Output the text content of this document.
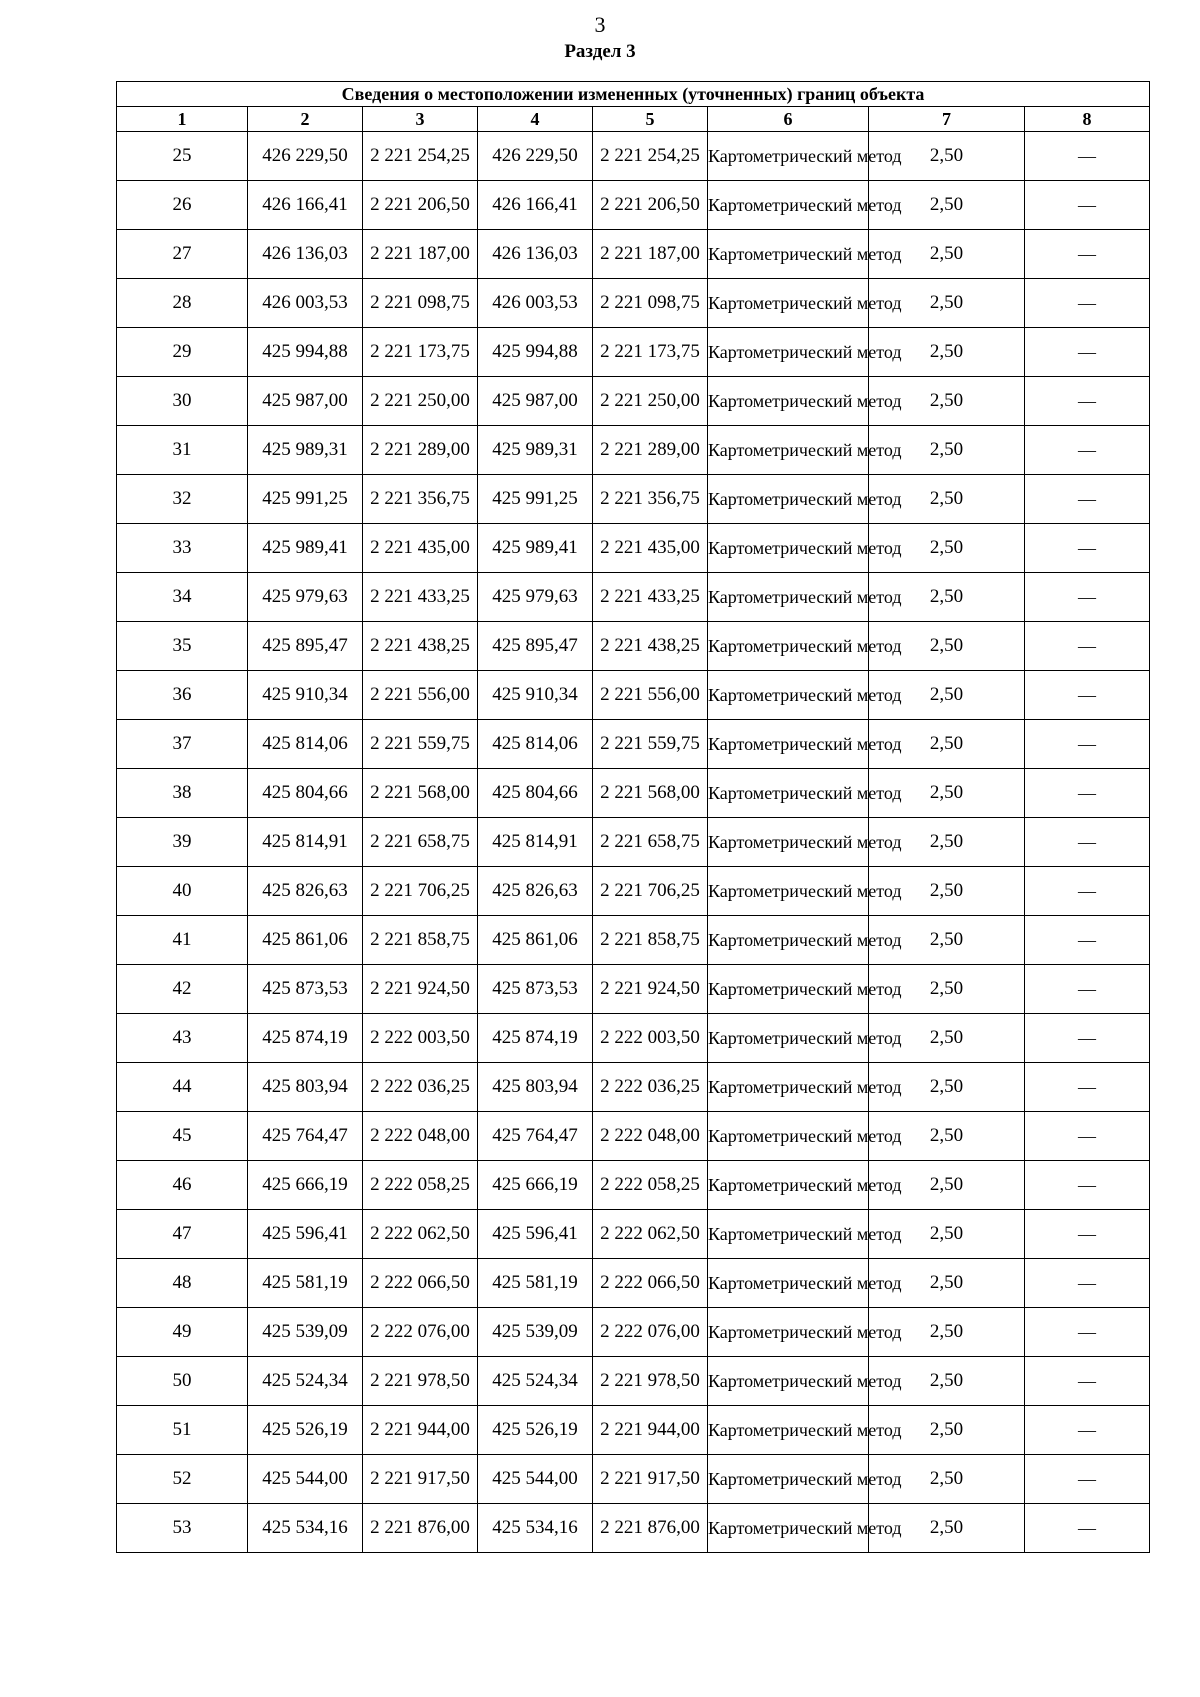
3
Раздел 3
Сведения о местоположении измененных (уточненных) границ объекта							
1	2	3	4	5	6	7	8
25	426 229,50	2 221 254,25	426 229,50	2 221 254,25	Картометрический метод	2,50	—
26	426 166,41	2 221 206,50	426 166,41	2 221 206,50	Картометрический метод	2,50	—
27	426 136,03	2 221 187,00	426 136,03	2 221 187,00	Картометрический метод	2,50	—
28	426 003,53	2 221 098,75	426 003,53	2 221 098,75	Картометрический метод	2,50	—
29	425 994,88	2 221 173,75	425 994,88	2 221 173,75	Картометрический метод	2,50	—
30	425 987,00	2 221 250,00	425 987,00	2 221 250,00	Картометрический метод	2,50	—
31	425 989,31	2 221 289,00	425 989,31	2 221 289,00	Картометрический метод	2,50	—
32	425 991,25	2 221 356,75	425 991,25	2 221 356,75	Картометрический метод	2,50	—
33	425 989,41	2 221 435,00	425 989,41	2 221 435,00	Картометрический метод	2,50	—
34	425 979,63	2 221 433,25	425 979,63	2 221 433,25	Картометрический метод	2,50	—
35	425 895,47	2 221 438,25	425 895,47	2 221 438,25	Картометрический метод	2,50	—
36	425 910,34	2 221 556,00	425 910,34	2 221 556,00	Картометрический метод	2,50	—
37	425 814,06	2 221 559,75	425 814,06	2 221 559,75	Картометрический метод	2,50	—
38	425 804,66	2 221 568,00	425 804,66	2 221 568,00	Картометрический метод	2,50	—
39	425 814,91	2 221 658,75	425 814,91	2 221 658,75	Картометрический метод	2,50	—
40	425 826,63	2 221 706,25	425 826,63	2 221 706,25	Картометрический метод	2,50	—
41	425 861,06	2 221 858,75	425 861,06	2 221 858,75	Картометрический метод	2,50	—
42	425 873,53	2 221 924,50	425 873,53	2 221 924,50	Картометрический метод	2,50	—
43	425 874,19	2 222 003,50	425 874,19	2 222 003,50	Картометрический метод	2,50	—
44	425 803,94	2 222 036,25	425 803,94	2 222 036,25	Картометрический метод	2,50	—
45	425 764,47	2 222 048,00	425 764,47	2 222 048,00	Картометрический метод	2,50	—
46	425 666,19	2 222 058,25	425 666,19	2 222 058,25	Картометрический метод	2,50	—
47	425 596,41	2 222 062,50	425 596,41	2 222 062,50	Картометрический метод	2,50	—
48	425 581,19	2 222 066,50	425 581,19	2 222 066,50	Картометрический метод	2,50	—
49	425 539,09	2 222 076,00	425 539,09	2 222 076,00	Картометрический метод	2,50	—
50	425 524,34	2 221 978,50	425 524,34	2 221 978,50	Картометрический метод	2,50	—
51	425 526,19	2 221 944,00	425 526,19	2 221 944,00	Картометрический метод	2,50	—
52	425 544,00	2 221 917,50	425 544,00	2 221 917,50	Картометрический метод	2,50	—
53	425 534,16	2 221 876,00	425 534,16	2 221 876,00	Картометрический метод	2,50	—
